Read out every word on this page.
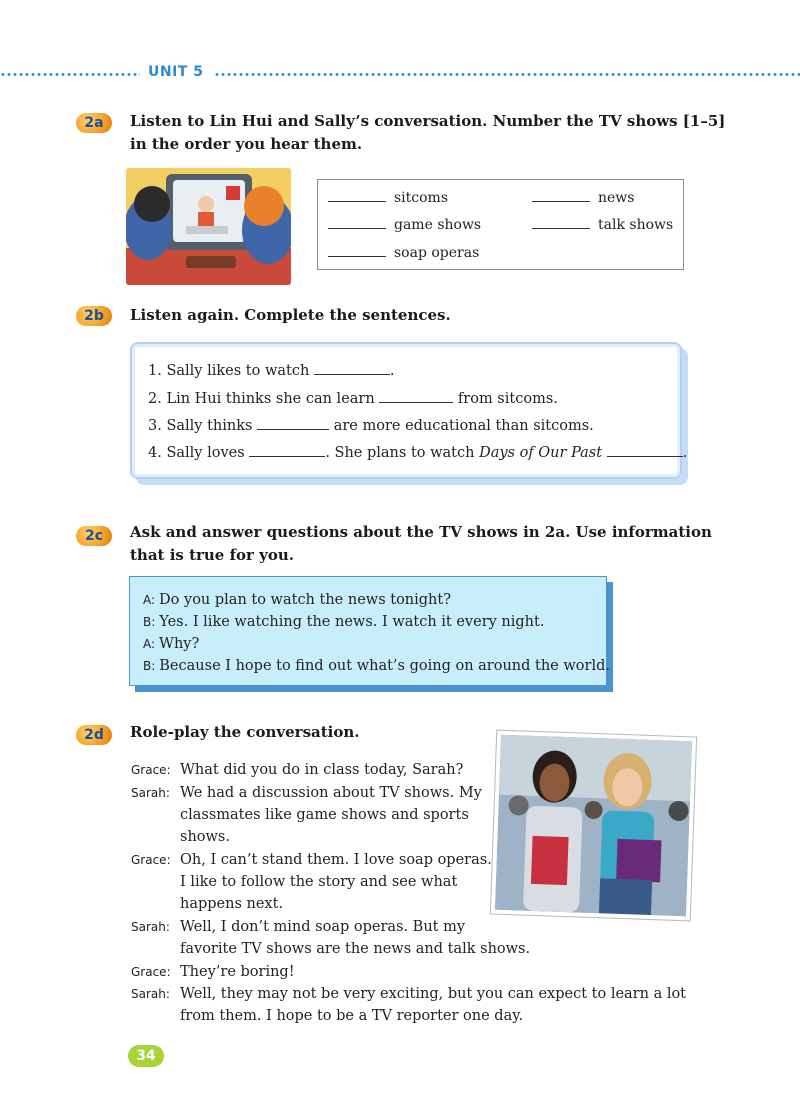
UNIT 5
2a	Listen to Lin Hui and Sally’s conversation. Number the TV shows [1–5]
in the order you hear them.
sitcoms	news
game shows	talk shows
soap operas
2b	Listen again. Complete the sentences.
1. Sally likes to watch	.
2. Lin Hui thinks she can learn	from sitcoms.
3. Sally thinks	are more educational than sitcoms.
4. Sally loves	. She plans to watch Days of Our Past	.
2c	Ask and answer questions about the TV shows in 2a. Use information
that is true for you.
A: Do you plan to watch the news tonight?
B: Yes. I like watching the news. I watch it every night.
A: Why?
B: Because I hope to find out what’s going on around the world.
2d	Role-play the conversation.
Grace: What did you do in class today, Sarah?
Sarah: We had a discussion about TV shows. My
classmates like game shows and sports
shows.
Grace: Oh, I can’t stand them. I love soap operas.
I like to follow the story and see what
happens next.
Sarah: Well, I don’t mind soap operas. But my
favorite TV shows are the news and talk shows.
Grace: They’re boring!
Sarah: Well, they may not be very exciting, but you can expect to learn a lot
from them. I hope to be a TV reporter one day.
34
